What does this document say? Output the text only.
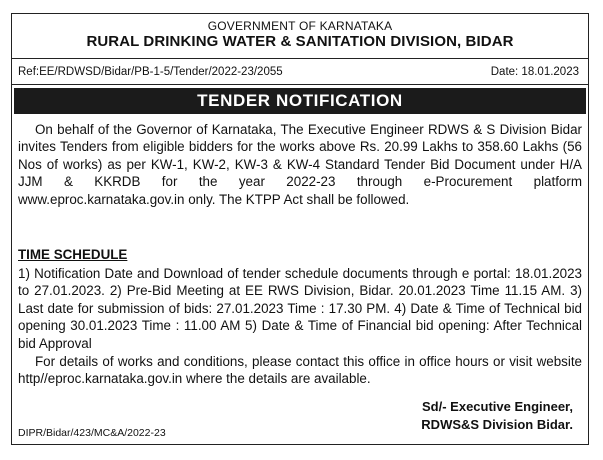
GOVERNMENT OF KARNATAKA
RURAL DRINKING WATER & SANITATION DIVISION, BIDAR
Ref:EE/RDWSD/Bidar/PB-1-5/Tender/2022-23/2055	Date: 18.01.2023
TENDER NOTIFICATION

On behalf of the Governor of Karnataka, The Executive Engineer RDWS & S Division Bidar invites Tenders from eligible bidders for the works above Rs. 20.99 Lakhs to 358.60 Lakhs (56 Nos of works) as per KW-1, KW-2, KW-3 & KW-4 Standard Tender Bid Document under H/A JJM & KKRDB for the year 2022-23 through e-Procurement platform www.eproc.karnataka.gov.in only. The KTPP Act shall be followed.

TIME SCHEDULE

1) Notification Date and Download of tender schedule documents through e portal: 18.01.2023 to 27.01.2023. 2) Pre-Bid Meeting at EE RWS Division, Bidar. 20.01.2023 Time 11.15 AM. 3) Last date for submission of bids: 27.01.2023 Time : 17.30 PM. 4) Date & Time of Technical bid opening 30.01.2023 Time : 11.00 AM 5) Date & Time of Financial bid opening: After Technical bid Approval

For details of works and conditions, please contact this office in office hours or visit website http//eproc.karnataka.gov.in where the details are available.

Sd/- Executive Engineer,
RDWS&S Division Bidar.
DIPR/Bidar/423/MC&A/2022-23
